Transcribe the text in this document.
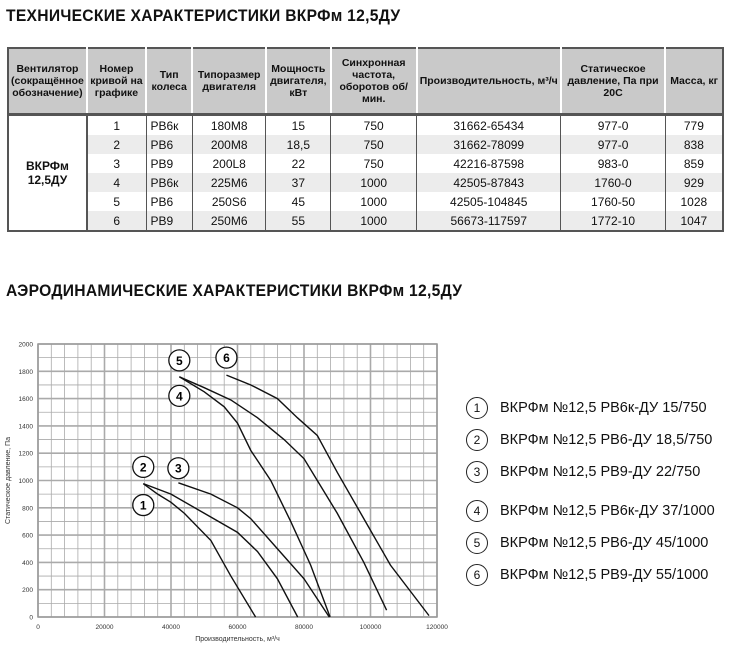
ТЕХНИЧЕСКИЕ ХАРАКТЕРИСТИКИ ВКРФм 12,5ДУ
Вентилятор (сокращённое обозначение)	Номер кривой на графике	Тип колеса	Типоразмер двигателя	Мощность двигателя, кВт	Синхронная частота, оборотов об/мин.	Производительность, м³/ч	Статическое давление, Па при 20С	Масса, кг
ВКРФм 12,5ДУ	1	РВ6к	180М8	15	750	31662-65434	977-0	779
	2	РВ6	200М8	18,5	750	31662-78099	977-0	838
	3	РВ9	200L8	22	750	42216-87598	983-0	859
	4	РВ6к	225М6	37	1000	42505-87843	1760-0	929
	5	РВ6	250S6	45	1000	42505-104845	1760-50	1028
	6	РВ9	250М6	55	1000	56673-117597	1772-10	1047
АЭРОДИНАМИЧЕСКИЕ ХАРАКТЕРИСТИКИ ВКРФм 12,5ДУ
0	20000	40000	60000	80000	100000	120000
0
200
400
600
800
1000
1200
1400
1600
1800
2000
Производительность, м³/ч
Статическое давление, Па	1
2 3
4
5	6
1	ВКРФм №12,5 РВ6к-ДУ 15/750
2	ВКРФм №12,5 РВ6-ДУ 18,5/750
3	ВКРФм №12,5 РВ9-ДУ 22/750
4	ВКРФм №12,5 РВ6к-ДУ 37/1000
5	ВКРФм №12,5 РВ6-ДУ 45/1000
6	ВКРФм №12,5 РВ9-ДУ 55/1000
